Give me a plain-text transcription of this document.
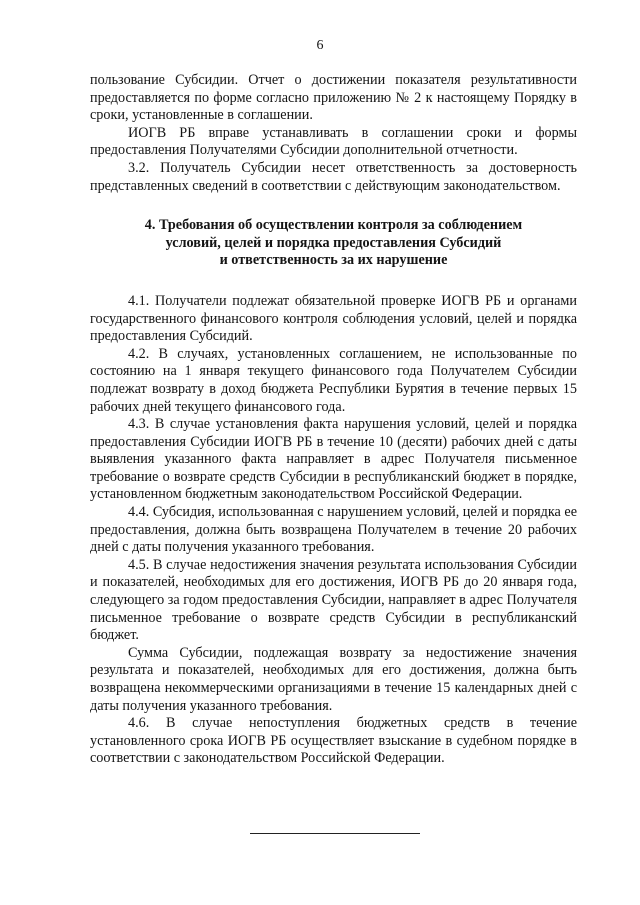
6

пользование Субсидии. Отчет о достижении показателя результативности предоставляется по форме согласно приложению № 2 к настоящему Порядку в сроки, установленные в соглашении.

ИОГВ РБ вправе устанавливать в соглашении сроки и формы предоставления Получателями Субсидии дополнительной отчетности.

3.2. Получатель Субсидии несет ответственность за достоверность представленных сведений в соответствии с действующим законодательством.

4. Требования об осуществлении контроля за соблюдением
условий, целей и порядка предоставления Субсидий
и ответственность за их нарушение

4.1. Получатели подлежат обязательной проверке ИОГВ РБ и органами государственного финансового контроля соблюдения условий, целей и порядка предоставления Субсидий.

4.2. В случаях, установленных соглашением, не использованные по состоянию на 1 января текущего финансового года Получателем Субсидии подлежат возврату в доход бюджета Республики Бурятия в течение первых 15 рабочих дней текущего финансового года.

4.3. В случае установления факта нарушения условий, целей и порядка предоставления Субсидии ИОГВ РБ в течение 10 (десяти) рабочих дней с даты выявления указанного факта направляет в адрес Получателя письменное требование о возврате средств Субсидии в республиканский бюджет в порядке, установленном бюджетным законодательством Российской Федерации.

4.4. Субсидия, использованная с нарушением условий, целей и порядка ее предоставления, должна быть возвращена Получателем в течение 20 рабочих дней с даты получения указанного требования.

4.5. В случае недостижения значения результата использования Субсидии и показателей, необходимых для его достижения, ИОГВ РБ до 20 января года, следующего за годом предоставления Субсидии, направляет в адрес Получателя письменное требование о возврате средств Субсидии в республиканский бюджет.

Сумма Субсидии, подлежащая возврату за недостижение значения результата и показателей, необходимых для его достижения, должна быть возвращена некоммерческими организациями в течение 15 календарных дней с даты получения указанного требования.

4.6. В случае непоступления бюджетных средств в течение установленного срока ИОГВ РБ осуществляет взыскание в судебном порядке в соответствии с законодательством Российской Федерации.
